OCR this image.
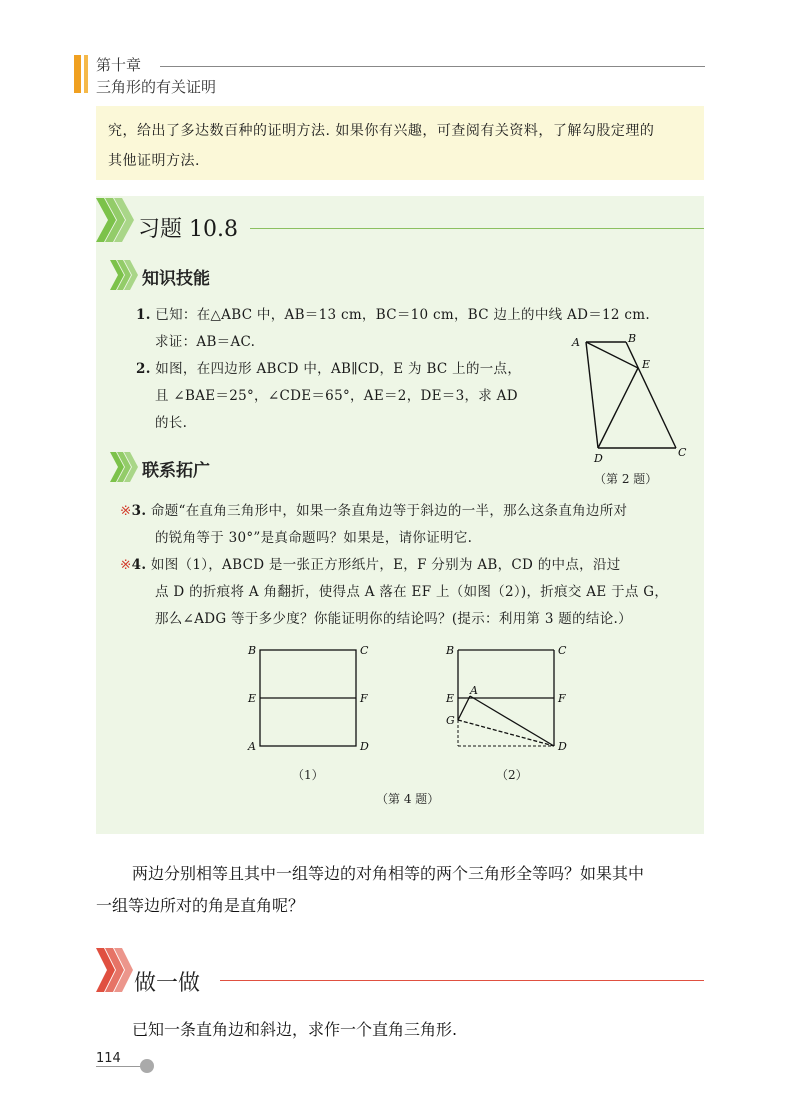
第十章
三角形的有关证明
究，给出了多达数百种的证明方法. 如果你有兴趣，可查阅有关资料，了解勾股定理的
其他证明方法.
习题 10.8
知识技能
1. 已知：在△ABC 中，AB＝13 cm，BC＝10 cm，BC 边上的中线 AD＝12 cm.
求证：AB＝AC.
2. 如图，在四边形 ABCD 中，AB∥CD，E 为 BC 上的一点，
且 ∠BAE＝25°，∠CDE＝65°，AE＝2，DE＝3，求 AD
的长.
A	B
E
D	C
（第 2 题）
联系拓广
※3. 命题“在直角三角形中，如果一条直角边等于斜边的一半，那么这条直角边所对
的锐角等于 30°”是真命题吗？如果是，请你证明它.
※4. 如图（1），ABCD 是一张正方形纸片，E，F 分别为 AB，CD 的中点，沿过
点 D 的折痕将 A 角翻折，使得点 A 落在 EF 上（如图（2）)，折痕交 AE 于点 G，
那么∠ADG 等于多少度？你能证明你的结论吗？(提示：利用第 3 题的结论.）
B	C
E	F
A	D
（1）
B	C
E
A
F
G
D
（2）
（第 4 题）
两边分别相等且其中一组等边的对角相等的两个三角形全等吗？如果其中
一组等边所对的角是直角呢？
做一做
已知一条直角边和斜边，求作一个直角三角形.
114
